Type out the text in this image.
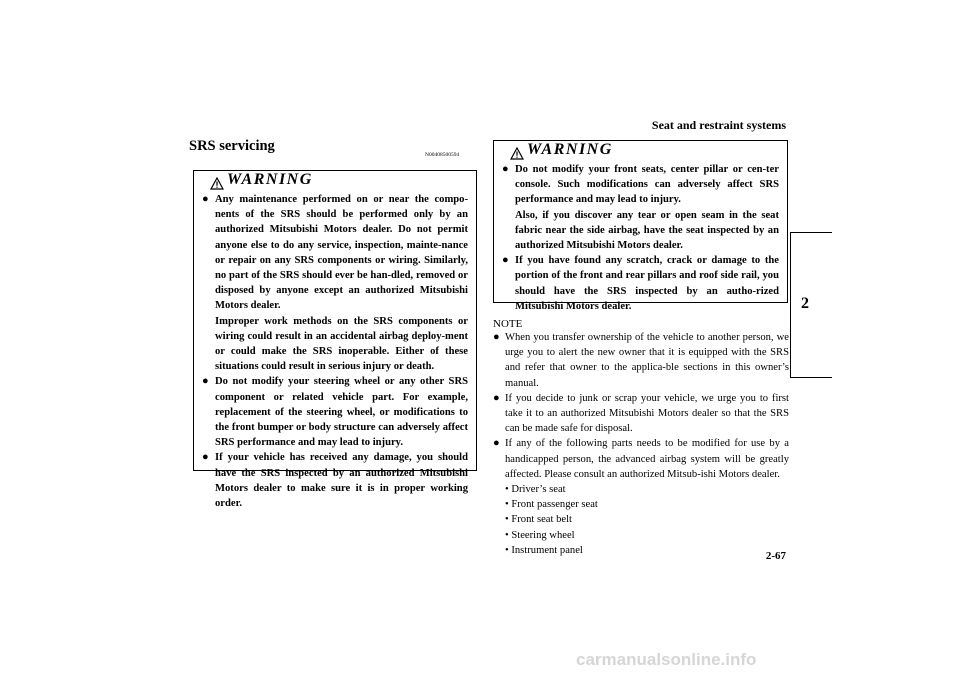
Seat and restraint systems
2
SRS servicing
N00408500594
WARNING
● Any maintenance performed on or near the compo-nents of the SRS should be performed only by an authorized Mitsubishi Motors dealer. Do not permit anyone else to do any service, inspection, mainte-nance or repair on any SRS components or wiring. Similarly, no part of the SRS should ever be han-dled, removed or disposed by anyone except an authorized Mitsubishi Motors dealer.

Improper work methods on the SRS components or wiring could result in an accidental airbag deploy-ment or could make the SRS inoperable. Either of these situations could result in serious injury or death.

● Do not modify your steering wheel or any other SRS component or related vehicle part. For example, replacement of the steering wheel, or modifications to the front bumper or body structure can adversely affect SRS performance and may lead to injury.

● If your vehicle has received any damage, you should have the SRS inspected by an authorized Mitsubishi Motors dealer to make sure it is in proper working order.

WARNING
● Do not modify your front seats, center pillar or cen-ter console. Such modifications can adversely affect SRS performance and may lead to injury.

Also, if you discover any tear or open seam in the seat fabric near the side airbag, have the seat inspected by an authorized Mitsubishi Motors dealer.

● If you have found any scratch, crack or damage to the portion of the front and rear pillars and roof side rail, you should have the SRS inspected by an autho-rized Mitsubishi Motors dealer.

NOTE
● When you transfer ownership of the vehicle to another person, we urge you to alert the new owner that it is equipped with the SRS and refer that owner to the applica-ble sections in this owner’s manual.

● If you decide to junk or scrap your vehicle, we urge you to first take it to an authorized Mitsubishi Motors dealer so that the SRS can be made safe for disposal.

● If any of the following parts needs to be modified for use by a handicapped person, the advanced airbag system will be greatly affected. Please consult an authorized Mitsub-ishi Motors dealer.

• Driver’s seat
• Front passenger seat
• Front seat belt
• Steering wheel
• Instrument panel	2-67
carmanualsonline.info
